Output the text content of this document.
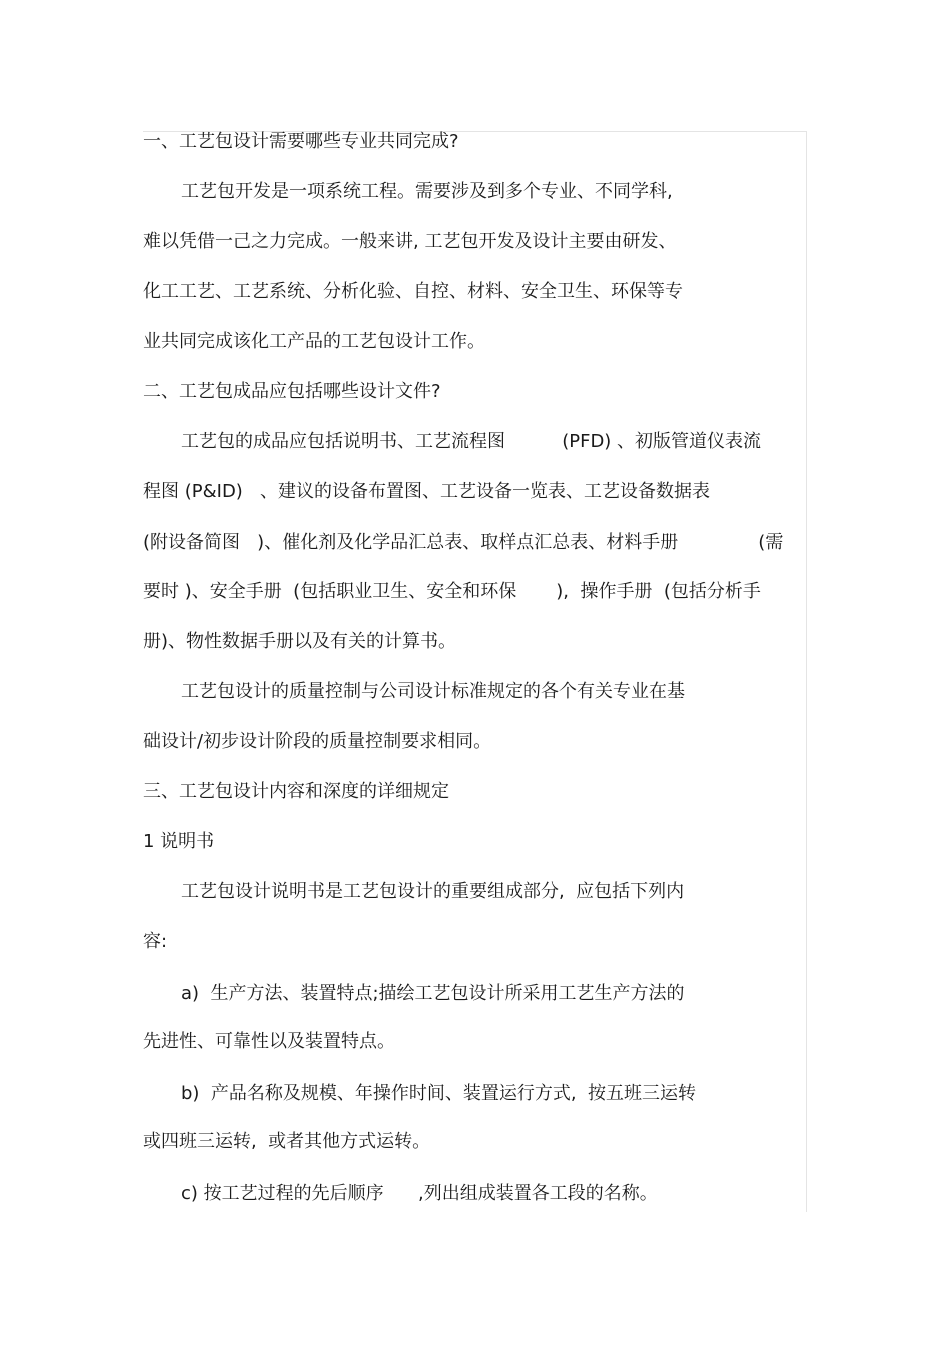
一、工艺包设计需要哪些专业共同完成?

工艺包开发是一项系统工程。需要涉及到多个专业、不同学科,

难以凭借一己之力完成。一般来讲, 工艺包开发及设计主要由研发、

化工工艺、工艺系统、分析化验、自控、材料、安全卫生、环保等专

业共同完成该化工产品的工艺包设计工作。

二、工艺包成品应包括哪些设计文件?

工艺包的成品应包括说明书、工艺流程图          (PFD) 、初版管道仪表流

程图 (P&ID)   、建议的设备布置图、工艺设备一览表、工艺设备数据表

(附设备简图   )、催化剂及化学品汇总表、取样点汇总表、材料手册              (需

要时 )、安全手册  (包括职业卫生、安全和环保       ),  操作手册  (包括分析手

册)、物性数据手册以及有关的计算书。

工艺包设计的质量控制与公司设计标准规定的各个有关专业在基

础设计/初步设计阶段的质量控制要求相同。

三、工艺包设计内容和深度的详细规定

1 说明书

工艺包设计说明书是工艺包设计的重要组成部分,  应包括下列内

容:

a)  生产方法、装置特点;描绘工艺包设计所采用工艺生产方法的

先进性、可靠性以及装置特点。

b)  产品名称及规模、年操作时间、装置运行方式,  按五班三运转

或四班三运转,  或者其他方式运转。

c) 按工艺过程的先后顺序      ,列出组成装置各工段的名称。
